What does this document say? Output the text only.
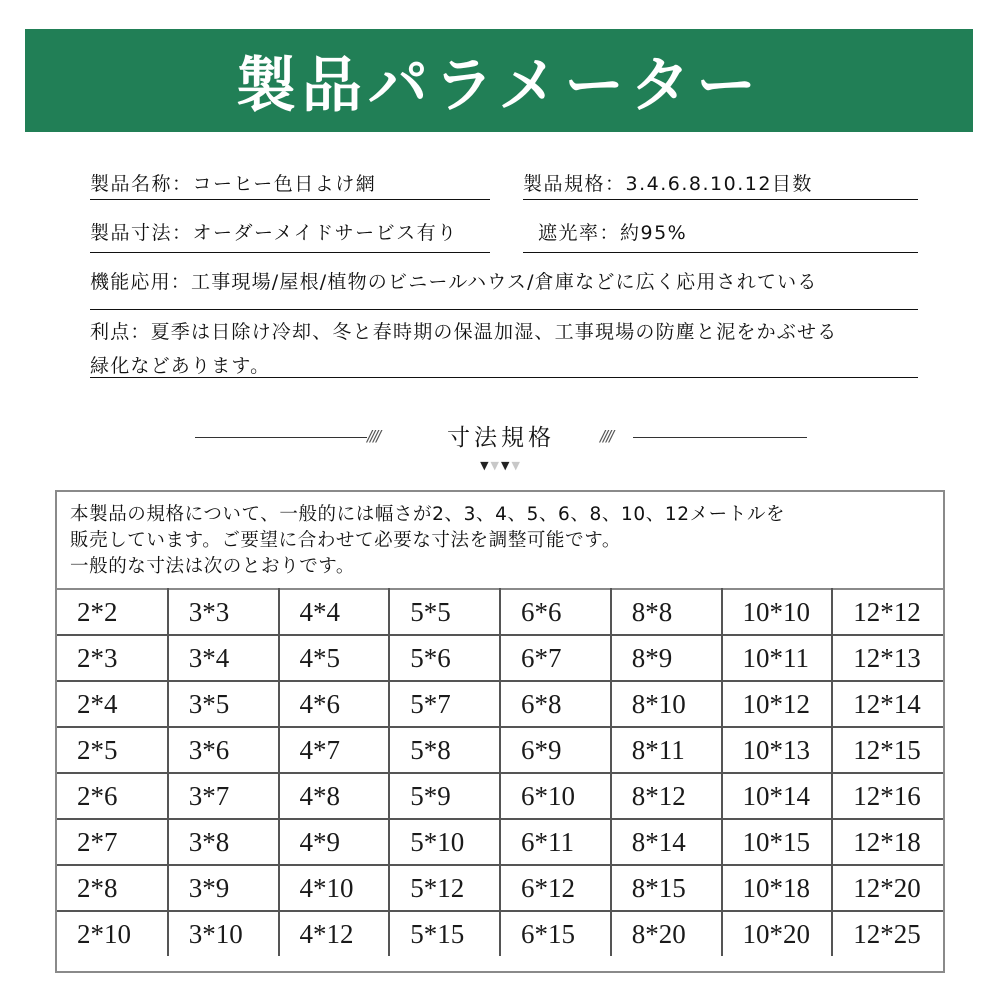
製品パラメーター
製品名称：コーヒー色日よけ網	製品規格：3.4.6.8.10.12目数
製品寸法：オーダーメイドサービス有り	遮光率：約95%
機能応用：工事現場/屋根/植物のビニールハウス/倉庫などに広く応用されている
利点：夏季は日除け冷却、冬と春時期の保温加湿、工事現場の防塵と泥をかぶせる
緑化などあります。
////	寸法規格	////
▼▼▼▼
本製品の規格について、一般的には幅さが2、3、4、5、6、8、10、12メートルを
販売しています。ご要望に合わせて必要な寸法を調整可能です。
一般的な寸法は次のとおりです。
2*2	3*3	4*4	5*5	6*6	8*8	10*10	12*12
2*3	3*4	4*5	5*6	6*7	8*9	10*11	12*13
2*4	3*5	4*6	5*7	6*8	8*10	10*12	12*14
2*5	3*6	4*7	5*8	6*9	8*11	10*13	12*15
2*6	3*7	4*8	5*9	6*10	8*12	10*14	12*16
2*7	3*8	4*9	5*10	6*11	8*14	10*15	12*18
2*8	3*9	4*10	5*12	6*12	8*15	10*18	12*20
2*10	3*10	4*12	5*15	6*15	8*20	10*20	12*25
